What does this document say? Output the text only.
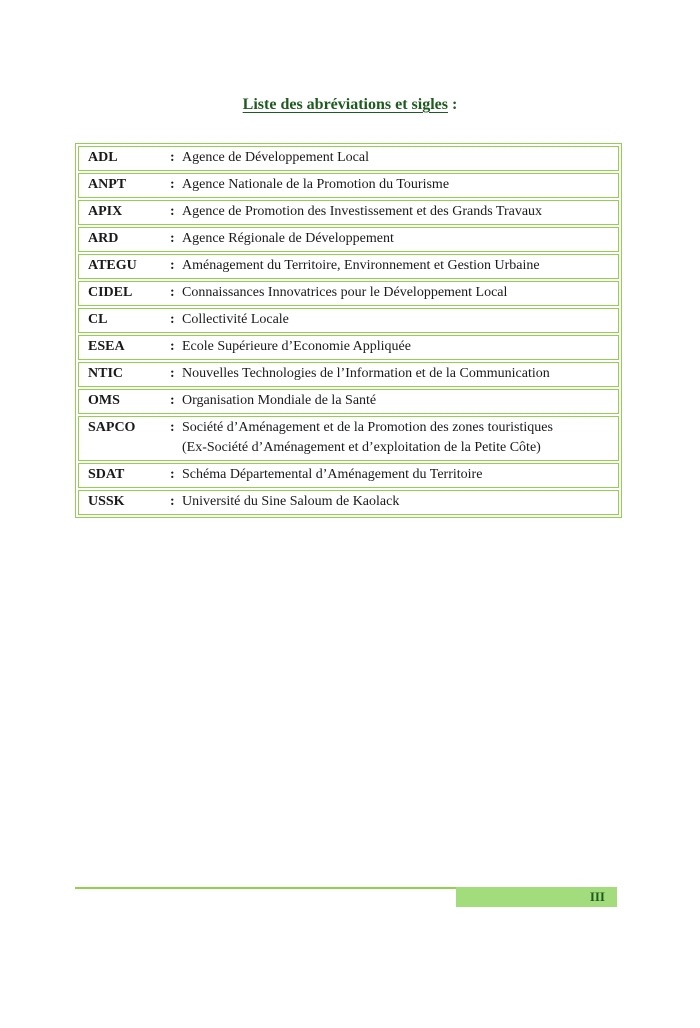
Liste des abréviations et sigles :
ADL	: Agence de Développement Local
ANPT	: Agence Nationale de la Promotion du Tourisme
APIX	: Agence de Promotion des Investissement et des Grands Travaux
ARD	: Agence Régionale de Développement
ATEGU	: Aménagement du Territoire, Environnement et Gestion Urbaine
CIDEL	: Connaissances Innovatrices pour le Développement Local
CL	: Collectivité Locale
ESEA	: Ecole Supérieure d’Economie Appliquée
NTIC	: Nouvelles Technologies de l’Information et de la Communication
OMS	: Organisation Mondiale de la Santé
SAPCO	: Société d’Aménagement et de la Promotion des zones touristiques
(Ex-Société d’Aménagement et d’exploitation de la Petite Côte)
SDAT	: Schéma Départemental d’Aménagement du Territoire
USSK	: Université du Sine Saloum de Kaolack
III
